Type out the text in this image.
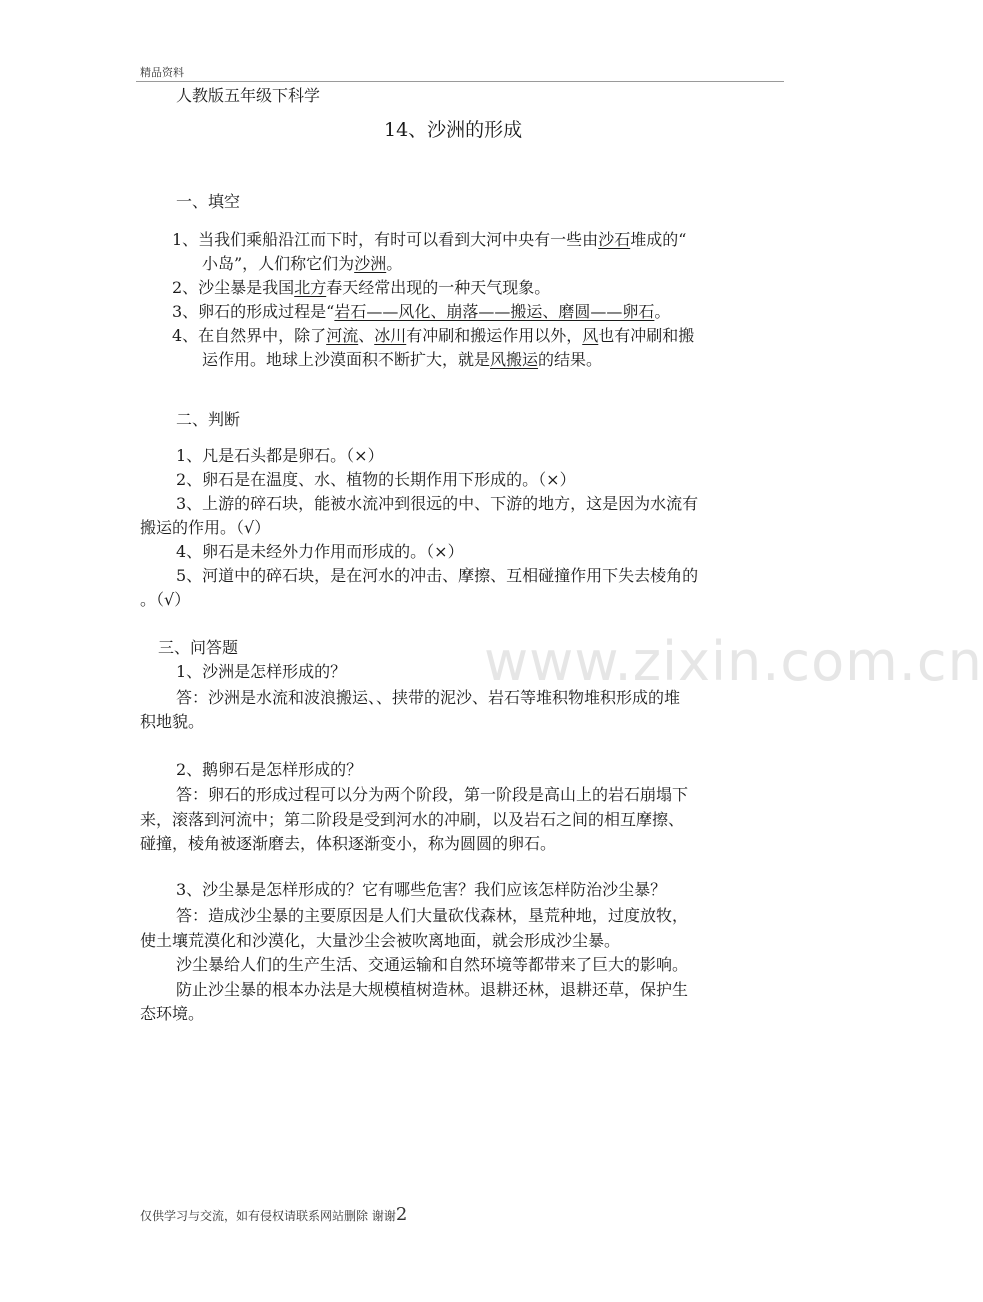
精品资料
www.zixin.com.cn
人教版五年级下科学
14、沙洲的形成
一、填空
1、当我们乘船沿江而下时，有时可以看到大河中央有一些由沙石堆成的“
小岛”，人们称它们为沙洲。
2、沙尘暴是我国北方春天经常出现的一种天气现象。
3、卵石的形成过程是“岩石——风化、崩落——搬运、磨圆——卵石。
4、在自然界中，除了河流、冰川有冲刷和搬运作用以外，风也有冲刷和搬
运作用。地球上沙漠面积不断扩大，就是风搬运的结果。
二、判断
1、凡是石头都是卵石。（×）
2、卵石是在温度、水、植物的长期作用下形成的。（×）
3、上游的碎石块，能被水流冲到很远的中、下游的地方，这是因为水流有
搬运的作用。（√）
4、卵石是未经外力作用而形成的。（×）
5、河道中的碎石块，是在河水的冲击、摩擦、互相碰撞作用下失去棱角的
。（√）
三、问答题
1、沙洲是怎样形成的？
答：沙洲是水流和波浪搬运、、挟带的泥沙、岩石等堆积物堆积形成的堆
积地貌。
2、鹅卵石是怎样形成的？
答：卵石的形成过程可以分为两个阶段，第一阶段是高山上的岩石崩塌下
来，滚落到河流中；第二阶段是受到河水的冲刷，以及岩石之间的相互摩擦、
碰撞，棱角被逐渐磨去，体积逐渐变小，称为圆圆的卵石。
3、沙尘暴是怎样形成的？它有哪些危害？我们应该怎样防治沙尘暴？
答：造成沙尘暴的主要原因是人们大量砍伐森林，垦荒种地，过度放牧，
使土壤荒漠化和沙漠化，大量沙尘会被吹离地面，就会形成沙尘暴。
沙尘暴给人们的生产生活、交通运输和自然环境等都带来了巨大的影响。
防止沙尘暴的根本办法是大规模植树造林。退耕还林，退耕还草，保护生
态环境。
仅供学习与交流，如有侵权请联系网站删除 谢谢2
